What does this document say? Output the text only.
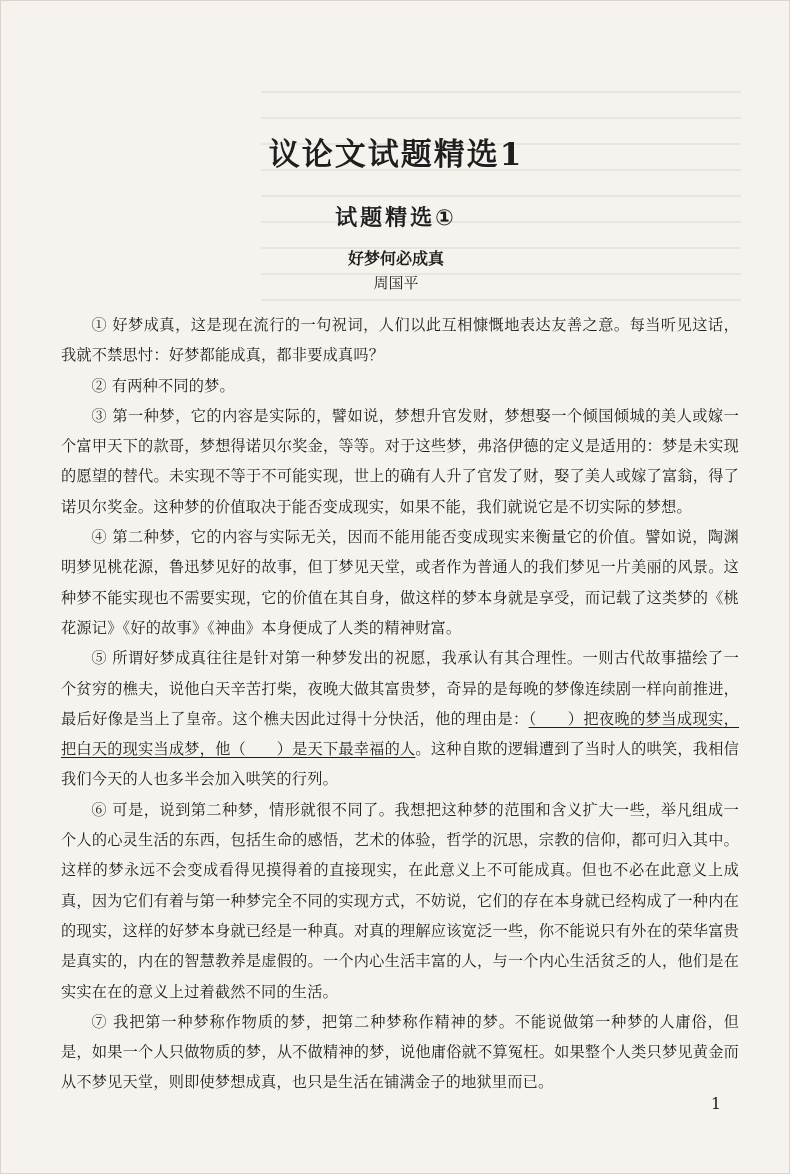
议论文试题精选1
试题精选①
好梦何必成真

周国平

① 好梦成真，这是现在流行的一句祝词，人们以此互相慷慨地表达友善之意。每当听见这话，我就不禁思忖：好梦都能成真，都非要成真吗？

② 有两种不同的梦。

③ 第一种梦，它的内容是实际的，譬如说，梦想升官发财，梦想娶一个倾国倾城的美人或嫁一个富甲天下的款哥，梦想得诺贝尔奖金，等等。对于这些梦，弗洛伊德的定义是适用的：梦是未实现的愿望的替代。未实现不等于不可能实现，世上的确有人升了官发了财，娶了美人或嫁了富翁，得了诺贝尔奖金。这种梦的价值取决于能否变成现实，如果不能，我们就说它是不切实际的梦想。

④ 第二种梦，它的内容与实际无关，因而不能用能否变成现实来衡量它的价值。譬如说，陶渊明梦见桃花源，鲁迅梦见好的故事，但丁梦见天堂，或者作为普通人的我们梦见一片美丽的风景。这种梦不能实现也不需要实现，它的价值在其自身，做这样的梦本身就是享受，而记载了这类梦的《桃花源记》《好的故事》《神曲》本身便成了人类的精神财富。

⑤ 所谓好梦成真往往是针对第一种梦发出的祝愿，我承认有其合理性。一则古代故事描绘了一个贫穷的樵夫，说他白天辛苦打柴，夜晚大做其富贵梦，奇异的是每晚的梦像连续剧一样向前推进，最后好像是当上了皇帝。这个樵夫因此过得十分快活，他的理由是：（　　）把夜晚的梦当成现实，把白天的现实当成梦，他（　　）是天下最幸福的人。这种自欺的逻辑遭到了当时人的哄笑，我相信我们今天的人也多半会加入哄笑的行列。

⑥ 可是，说到第二种梦，情形就很不同了。我想把这种梦的范围和含义扩大一些，举凡组成一个人的心灵生活的东西，包括生命的感悟，艺术的体验，哲学的沉思，宗教的信仰，都可归入其中。这样的梦永远不会变成看得见摸得着的直接现实，在此意义上不可能成真。但也不必在此意义上成真，因为它们有着与第一种梦完全不同的实现方式，不妨说，它们的存在本身就已经构成了一种内在的现实，这样的好梦本身就已经是一种真。对真的理解应该宽泛一些，你不能说只有外在的荣华富贵是真实的，内在的智慧教养是虚假的。一个内心生活丰富的人，与一个内心生活贫乏的人，他们是在实实在在的意义上过着截然不同的生活。

⑦ 我把第一种梦称作物质的梦，把第二种梦称作精神的梦。不能说做第一种梦的人庸俗，但是，如果一个人只做物质的梦，从不做精神的梦，说他庸俗就不算冤枉。如果整个人类只梦见黄金而从不梦见天堂，则即使梦想成真，也只是生活在铺满金子的地狱里而已。

1
